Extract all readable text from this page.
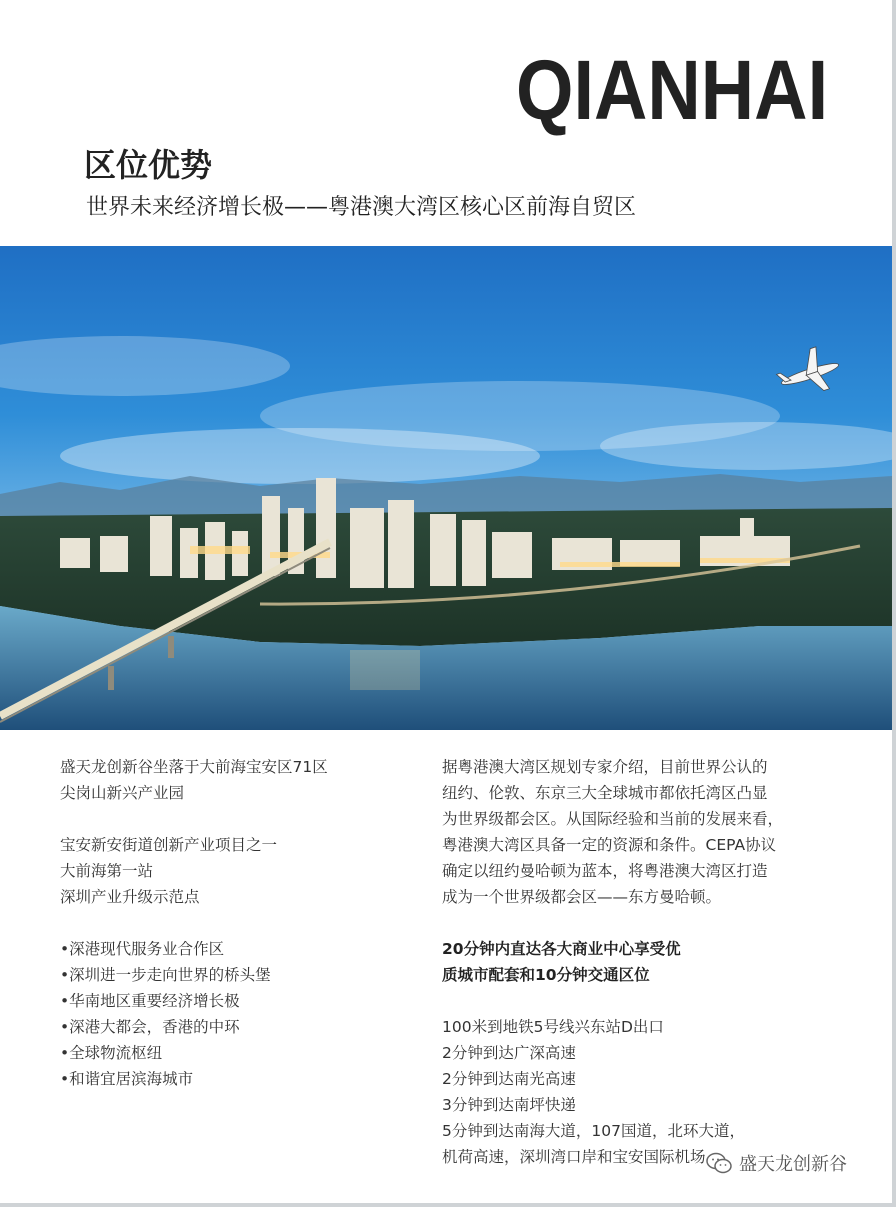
QIANHAI
区位优势
世界未来经济增长极——粤港澳大湾区核心区前海自贸区
盛天龙创新谷坐落于大前海宝安区71区
尖岗山新兴产业园
宝安新安街道创新产业项目之一
大前海第一站
深圳产业升级示范点
•深港现代服务业合作区
•深圳进一步走向世界的桥头堡
•华南地区重要经济增长极
•深港大都会，香港的中环
•全球物流枢纽
•和谐宜居滨海城市
据粤港澳大湾区规划专家介绍，目前世界公认的
纽约、伦敦、东京三大全球城市都依托湾区凸显
为世界级都会区。从国际经验和当前的发展来看，
粤港澳大湾区具备一定的资源和条件。CEPA协议
确定以纽约曼哈顿为蓝本，将粤港澳大湾区打造
成为一个世界级都会区——东方曼哈顿。
20分钟内直达各大商业中心享受优
质城市配套和10分钟交通区位
100米到地铁5号线兴东站D出口
2分钟到达广深高速
2分钟到达南光高速
3分钟到达南坪快递
5分钟到达南海大道，107国道，北环大道，
机荷高速，深圳湾口岸和宝安国际机场	盛天龙创新谷
